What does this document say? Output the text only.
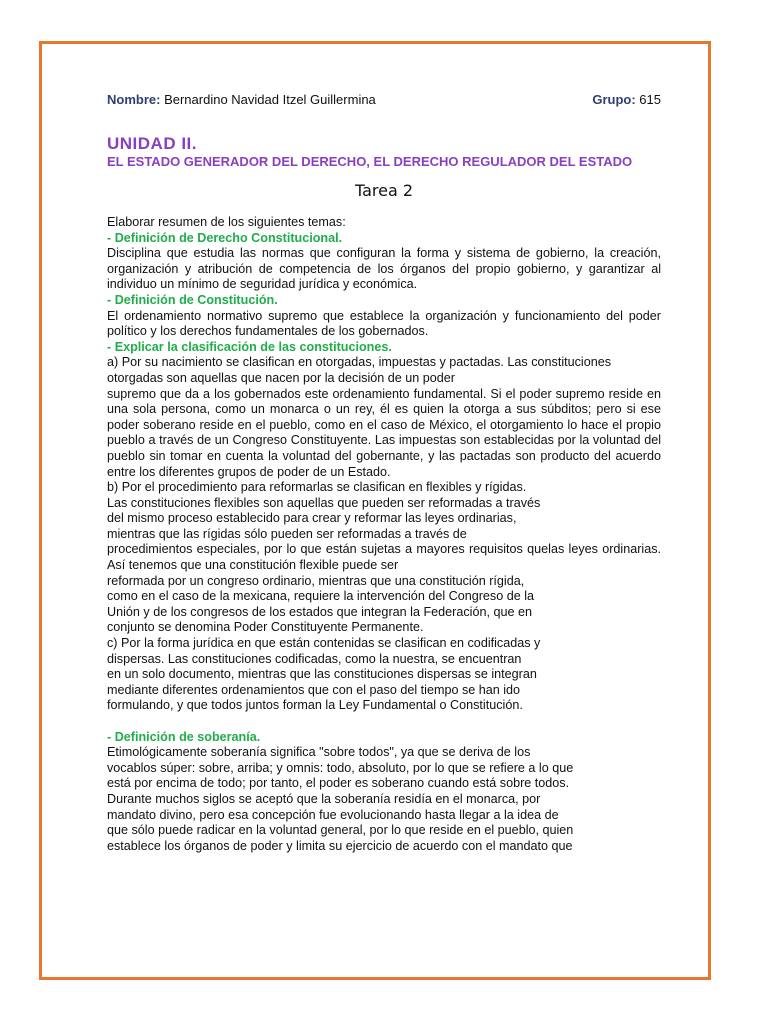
Nombre: Bernardino Navidad Itzel Guillermina	Grupo: 615
UNIDAD II.
EL ESTADO GENERADOR DEL DERECHO, EL DERECHO REGULADOR DEL ESTADO
Tarea 2

Elaborar resumen de los siguientes temas:

- Definición de Derecho Constitucional.

Disciplina que estudia las normas que configuran la forma y sistema de gobierno, la creación, organización y atribución de competencia de los órganos del propio gobierno, y garantizar al individuo un mínimo de seguridad jurídica y económica.

- Definición de Constitución.

El ordenamiento normativo supremo que establece la organización y funcionamiento del poder político y los derechos fundamentales de los gobernados.

- Explicar la clasificación de las constituciones.

a) Por su nacimiento se clasifican en otorgadas, impuestas y pactadas. Las constituciones
otorgadas son aquellas que nacen por la decisión de un poder
supremo que da a los gobernados este ordenamiento fundamental. Si el poder supremo reside en una sola persona, como un monarca o un rey, él es quien la otorga a sus súbditos; pero si ese poder soberano reside en el pueblo, como en el caso de México, el otorgamiento lo hace el propio pueblo a través de un Congreso Constituyente. Las impuestas son establecidas por la voluntad del pueblo sin tomar en cuenta la voluntad del gobernante, y las pactadas son producto del acuerdo entre los diferentes grupos de poder de un Estado.
b) Por el procedimiento para reformarlas se clasifican en flexibles y rígidas.
Las constituciones flexibles son aquellas que pueden ser reformadas a través
del mismo proceso establecido para crear y reformar las leyes ordinarias,
mientras que las rígidas sólo pueden ser reformadas a través de
procedimientos especiales, por lo que están sujetas a mayores requisitos quelas leyes ordinarias. Así tenemos que una constitución flexible puede ser
reformada por un congreso ordinario, mientras que una constitución rígida,
como en el caso de la mexicana, requiere la intervención del Congreso de la
Unión y de los congresos de los estados que integran la Federación, que en
conjunto se denomina Poder Constituyente Permanente.
c) Por la forma jurídica en que están contenidas se clasifican en codificadas y
dispersas. Las constituciones codificadas, como la nuestra, se encuentran
en un solo documento, mientras que las constituciones dispersas se integran
mediante diferentes ordenamientos que con el paso del tiempo se han ido
formulando, y que todos juntos forman la Ley Fundamental o Constitución.

- Definición de soberanía.

Etimológicamente soberanía significa "sobre todos", ya que se deriva de los
vocablos súper: sobre, arriba; y omnis: todo, absoluto, por lo que se refiere a lo que
está por encima de todo; por tanto, el poder es soberano cuando está sobre todos.
Durante muchos siglos se aceptó que la soberanía residía en el monarca, por
mandato divino, pero esa concepción fue evolucionando hasta llegar a la idea de
que sólo puede radicar en la voluntad general, por lo que reside en el pueblo, quien
establece los órganos de poder y limita su ejercicio de acuerdo con el mandato que
